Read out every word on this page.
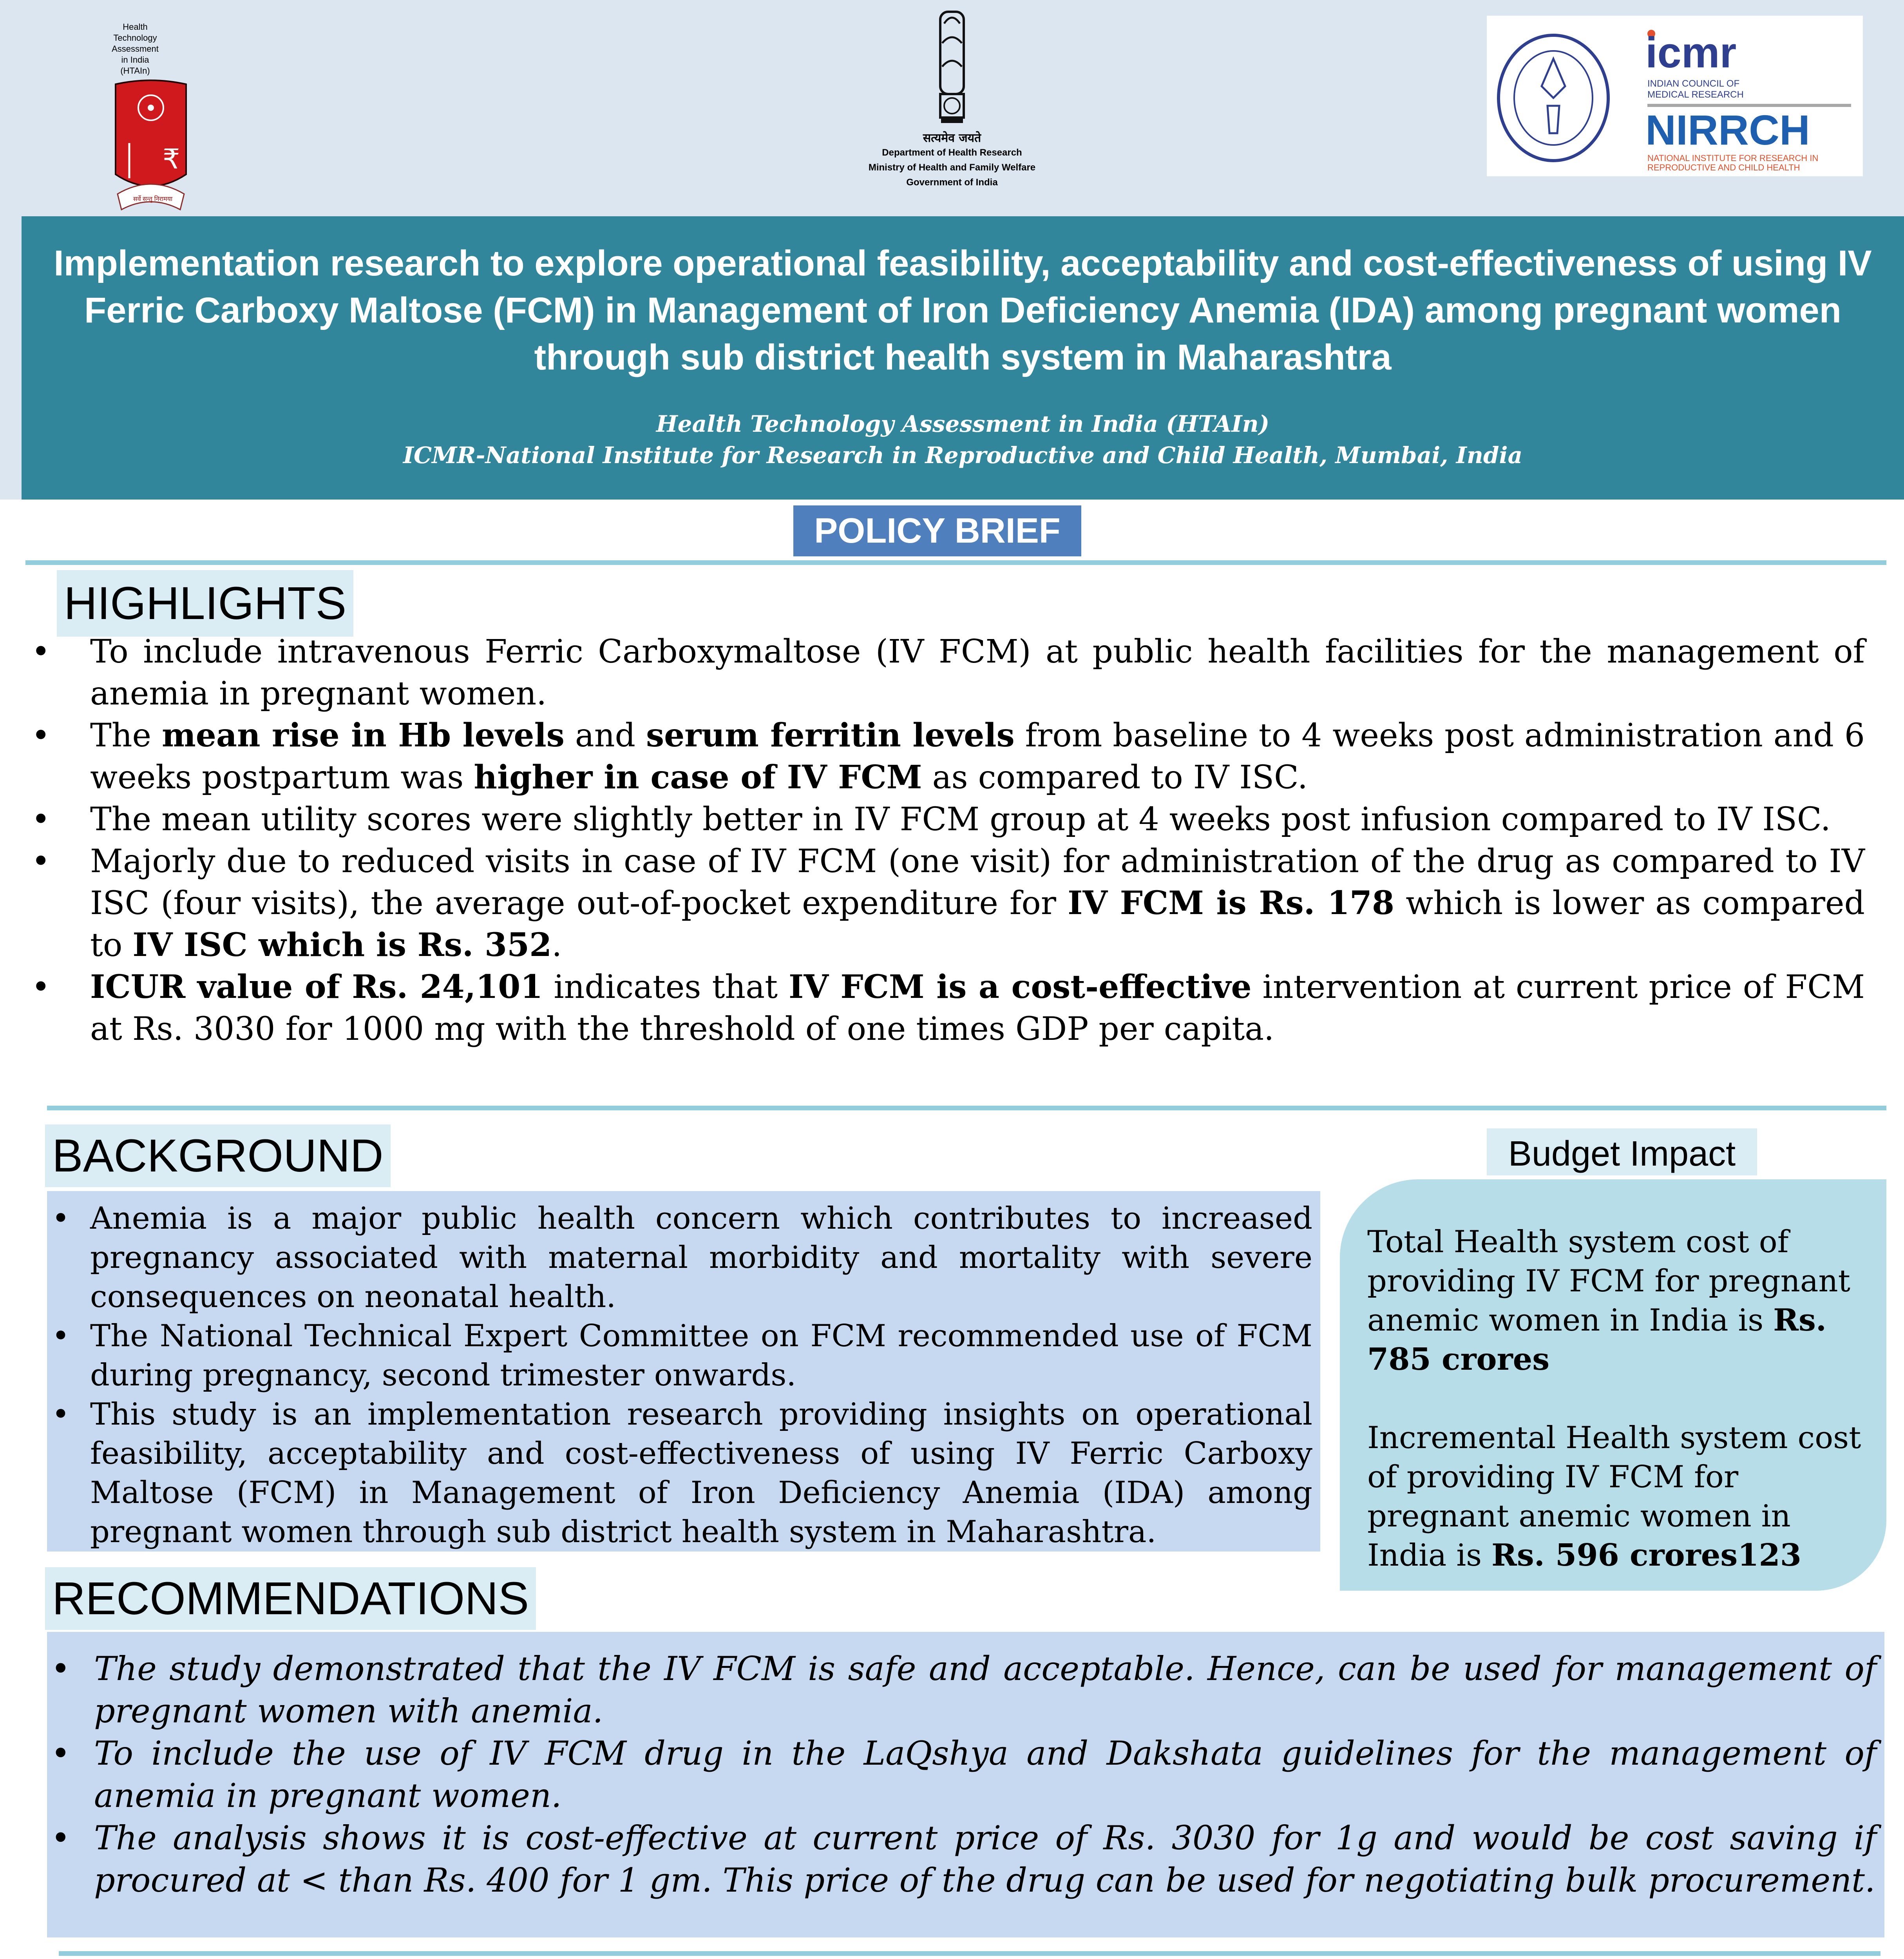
Health Technology Assessment in India (HTAIn)
₹
सर्वे सन्तु निरामया
सत्यमेव जयते
Department of Health Research
Ministry of Health and Family Welfare
Government of India
icmr
INDIAN COUNCIL OF MEDICAL RESEARCH
NIRRCH
NATIONAL INSTITUTE FOR RESEARCH IN REPRODUCTIVE AND CHILD HEALTH
Implementation research to explore operational feasibility, acceptability and cost-effectiveness of using IV Ferric Carboxy Maltose (FCM) in Management of Iron Deficiency Anemia (IDA) among pregnant women through sub district health system in Maharashtra
Health Technology Assessment in India (HTAIn)
ICMR-National Institute for Research in Reproductive and Child Health, Mumbai, India
POLICY BRIEF
HIGHLIGHTS
• To include intravenous Ferric Carboxymaltose (IV FCM) at public health facilities for the management of anemia in pregnant women.
• The mean rise in Hb levels and serum ferritin levels from baseline to 4 weeks post administration and 6 weeks postpartum was higher in case of IV FCM as compared to IV ISC.
• The mean utility scores were slightly better in IV FCM group at 4 weeks post infusion compared to IV ISC.
• Majorly due to reduced visits in case of IV FCM (one visit) for administration of the drug as compared to IV ISC (four visits), the average out-of-pocket expenditure for IV FCM is Rs. 178 which is lower as compared to IV ISC which is Rs. 352.
• ICUR value of Rs. 24,101 indicates that IV FCM is a cost-effective intervention at current price of FCM at Rs. 3030 for 1000 mg with the threshold of one times GDP per capita.
BACKGROUND
• Anemia is a major public health concern which contributes to increased pregnancy associated with maternal morbidity and mortality with severe consequences on neonatal health.
• The National Technical Expert Committee on FCM recommended use of FCM during pregnancy, second trimester onwards.
• This study is an implementation research providing insights on operational feasibility, acceptability and cost-effectiveness of using IV Ferric Carboxy Maltose (FCM) in Management of Iron Deficiency Anemia (IDA) among pregnant women through sub district health system in Maharashtra.
Total Health system cost of providing IV FCM for pregnant anemic women in India is Rs. 785 crores
Incremental Health system cost of providing IV FCM for pregnant anemic women in India is Rs. 596 crores123
Budget Impact
RECOMMENDATIONS
• The study demonstrated that the IV FCM is safe and acceptable. Hence, can be used for management of pregnant women with anemia.
• To include the use of IV FCM drug in the LaQshya and Dakshata guidelines for the management of anemia in pregnant women.
• The analysis shows it is cost-effective at current price of Rs. 3030 for 1g and would be cost saving if procured at < than Rs. 400 for 1 gm. This price of the drug can be used for negotiating bulk procurement.
